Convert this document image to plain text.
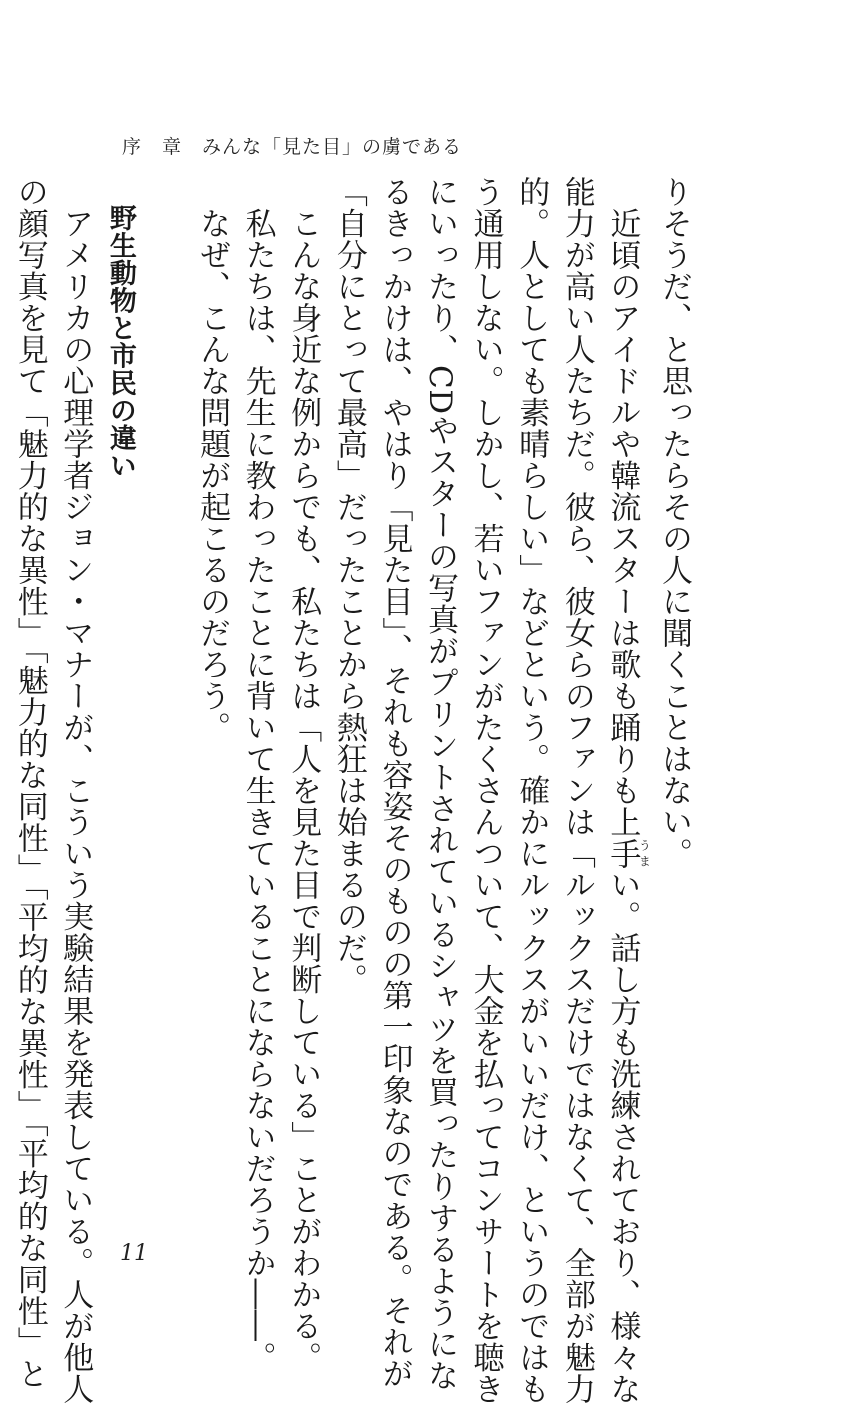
序　章　みんな「見た目」の虜である
りそうだ、と思ったらその人に聞くことはない。
　近頃のアイドルや韓流スターは歌も踊りも上手うまい。話し方も洗練されており、様々な
能力が高い人たちだ。彼ら、彼女らのファンは「ルックスだけではなくて、全部が魅力
的。人としても素晴らしい」などという。確かにルックスがいいだけ、というのではも
う通用しない。しかし、若いファンがたくさんついて、大金を払ってコンサートを聴き
にいったり、CDやスターの写真がプリントされているシャツを買ったりするようにな
るきっかけは、やはり「見た目」、それも容姿そのものの第一印象なのである。それが
「自分にとって最高」だったことから熱狂は始まるのだ。
　こんな身近な例からでも、私たちは「人を見た目で判断している」ことがわかる。
　私たちは、先生に教わったことに背いて生きていることにならないだろうか――。
　なぜ、こんな問題が起こるのだろう。
野生動物と市民の違い
　アメリカの心理学者ジョン・マナーが、こういう実験結果を発表している。人が他人
の顔写真を見て「魅力的な異性」「魅力的な同性」「平均的な異性」「平均的な同性」と	11
